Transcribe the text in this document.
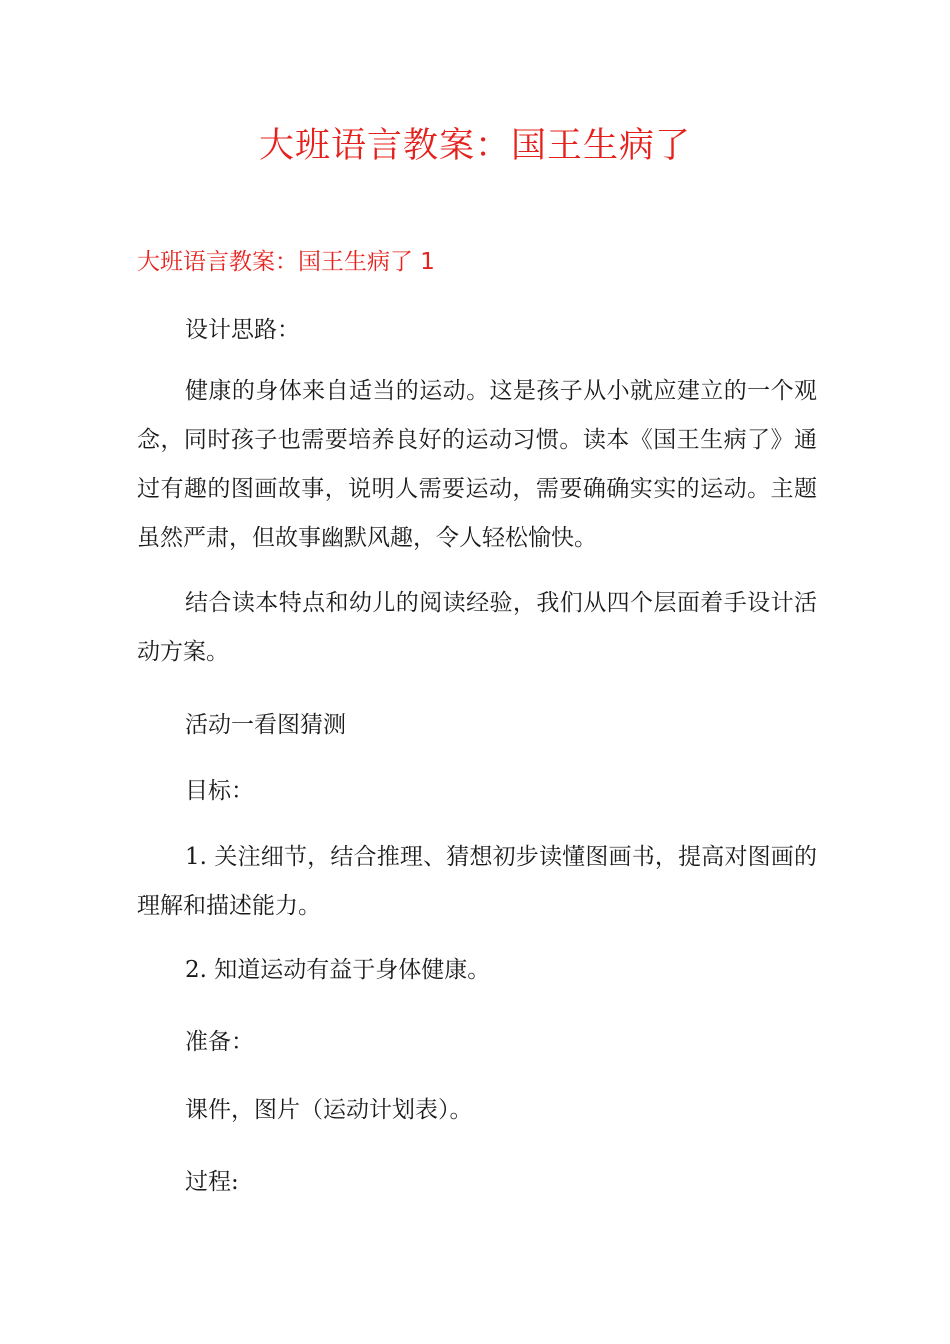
大班语言教案：国王生病了
大班语言教案：国王生病了 1

设计思路：

健康的身体来自适当的运动。这是孩子从小就应建立的一个观念，同时孩子也需要培养良好的运动习惯。读本《国王生病了》通过有趣的图画故事，说明人需要运动，需要确确实实的运动。主题虽然严肃，但故事幽默风趣，令人轻松愉快。

结合读本特点和幼儿的阅读经验，我们从四个层面着手设计活动方案。

活动一看图猜测

目标：

1. 关注细节，结合推理、猜想初步读懂图画书，提高对图画的理解和描述能力。

2. 知道运动有益于身体健康。

准备：

课件，图片（运动计划表）。

过程:
